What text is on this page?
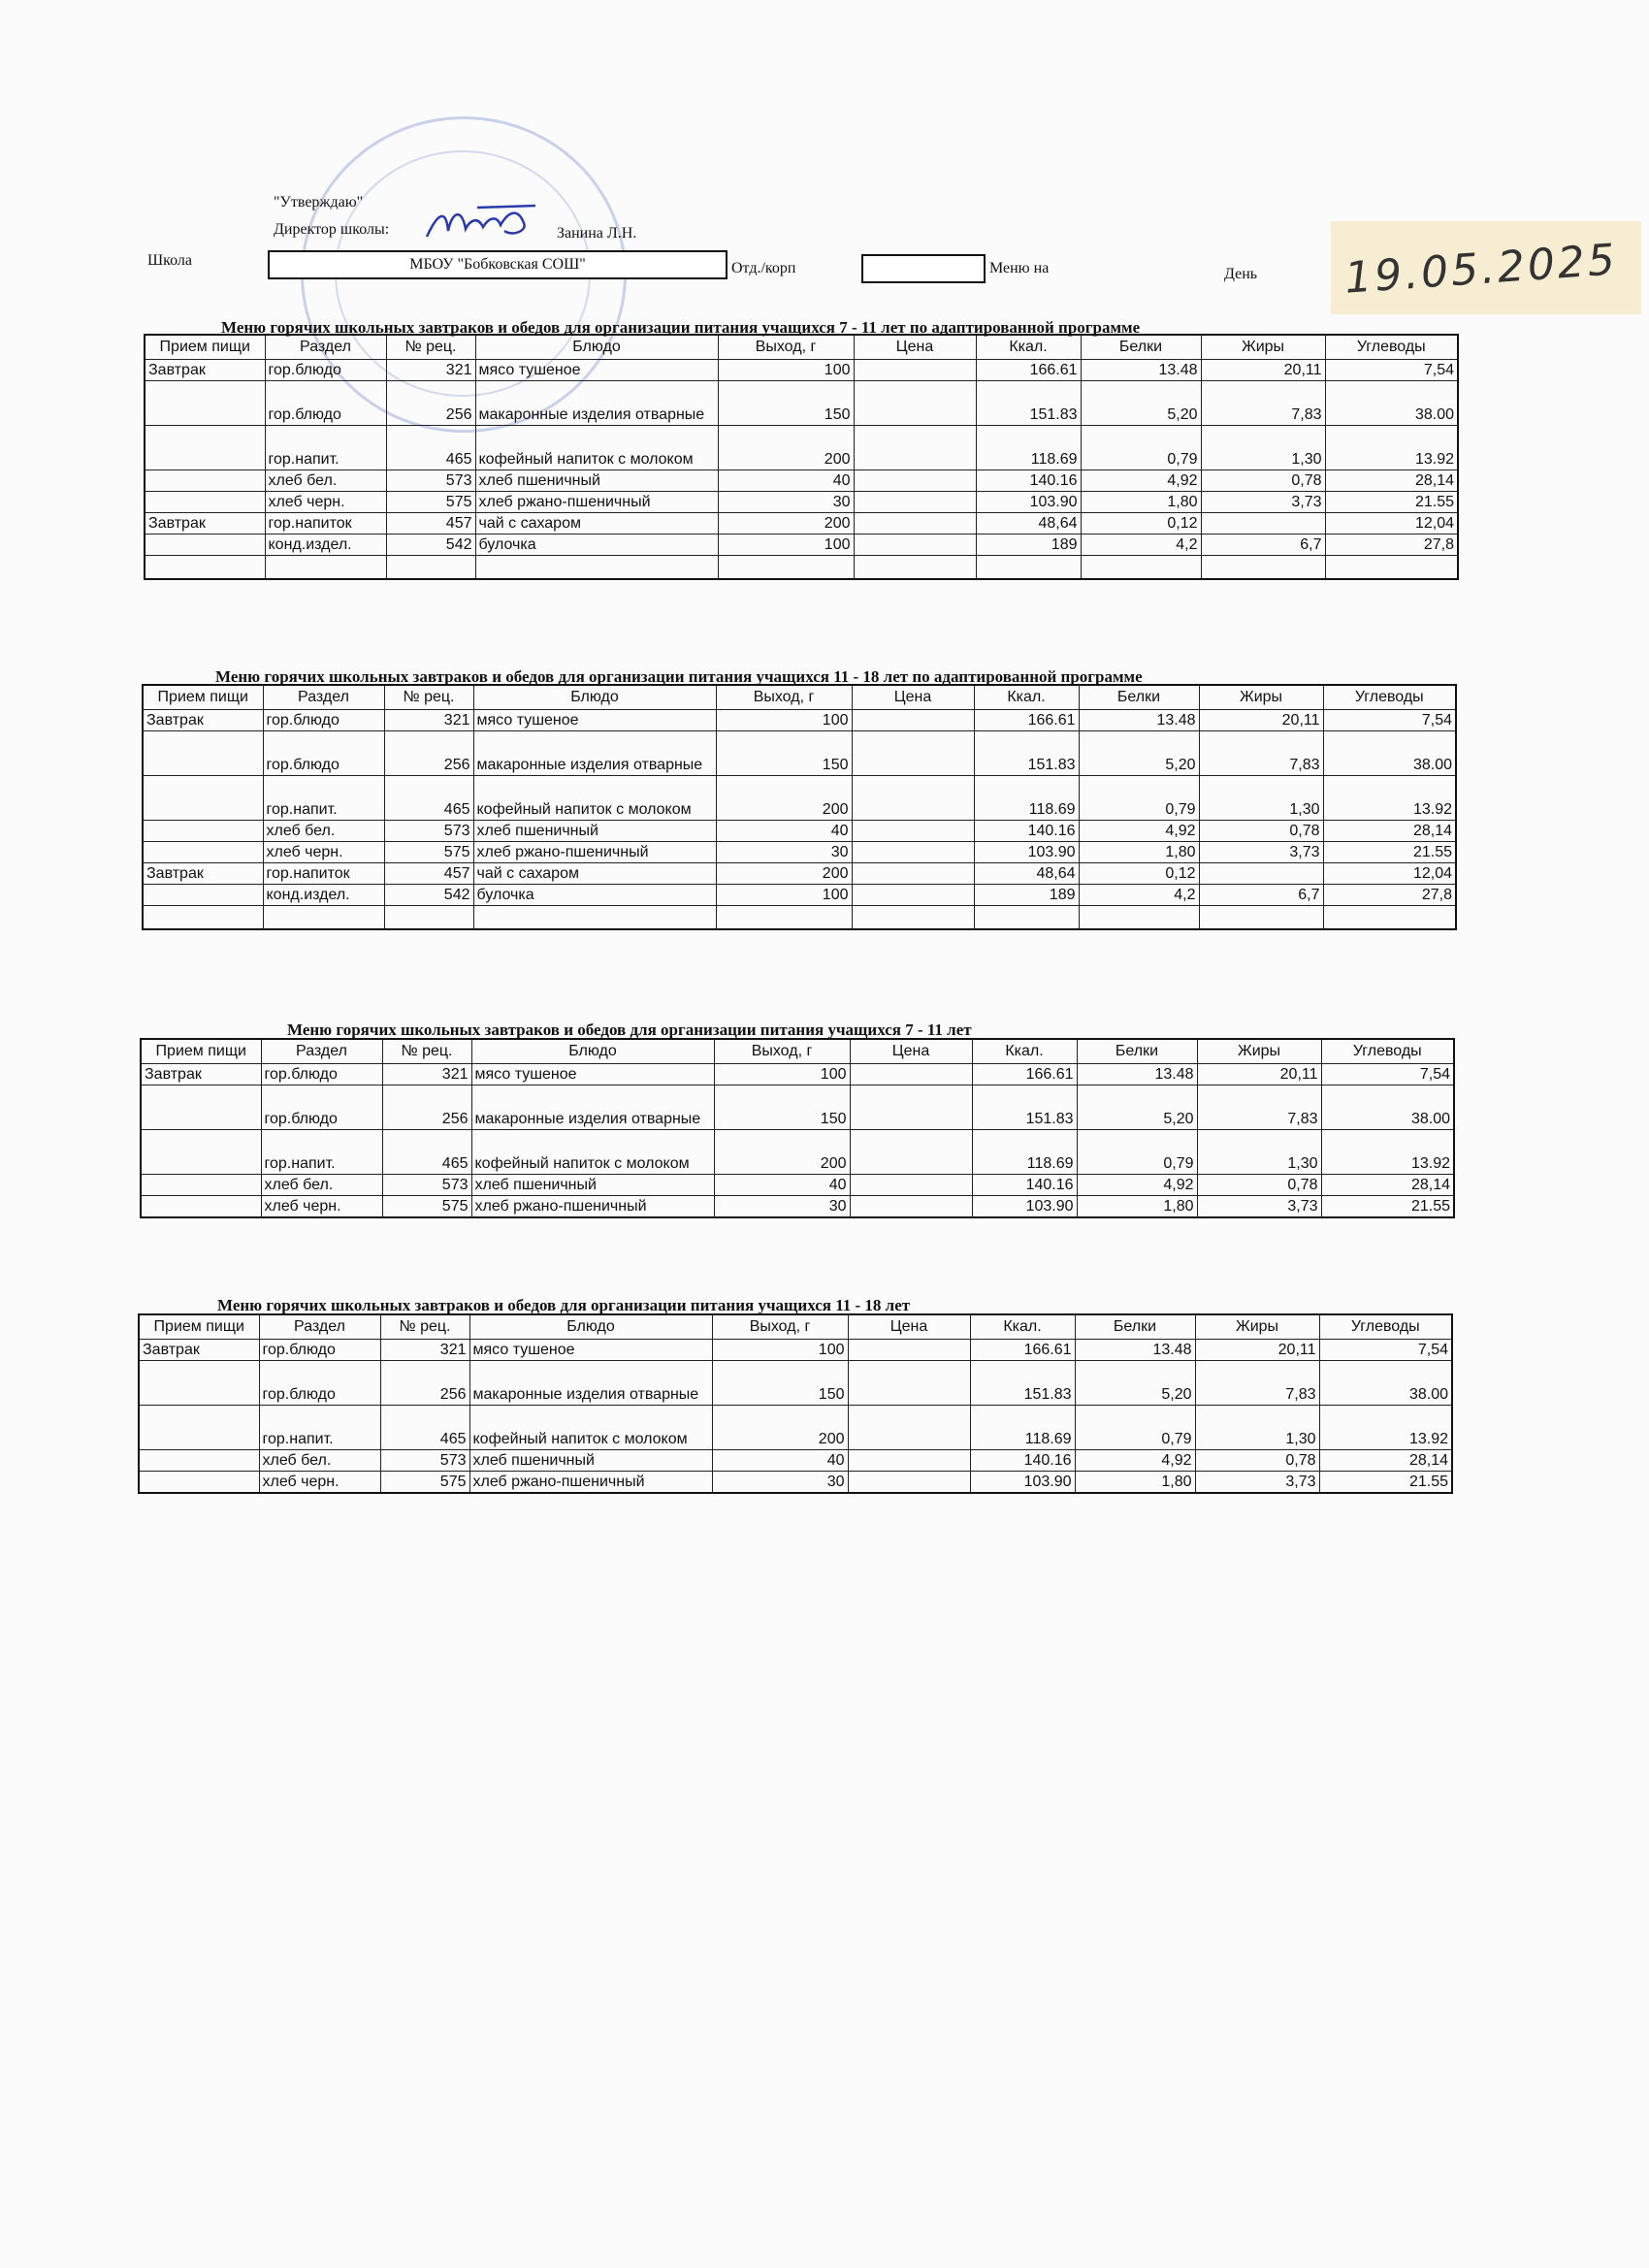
"Утверждаю"
Директор школы:	Занина Л.Н.
Школа	МБОУ "Бобковская СОШ"	Отд./корп	Меню на	День 19.05.2025
Меню горячих школьных завтраков и обедов для организации питания учащихся 7 - 11 лет по адаптированной программе
Меню горячих школьных завтраков и обедов для организации питания учащихся 11 - 18 лет по адаптированной программе
Меню горячих школьных завтраков и обедов для организации питания учащихся 7 - 11 лет
Меню горячих школьных завтраков и обедов для организации питания учащихся 11 - 18 лет
Прием пищи	Раздел	№ рец.	Блюдо	Выход, г	Цена	Ккал.	Белки	Жиры	Углеводы
Завтрак	гор.блюдо	321	мясо тушеное	100		166.61	13.48	20,11	7,54
	гор.блюдо	256	макаронные изделия отварные	150		151.83	5,20	7,83	38.00
	гор.напит.	465	кофейный напиток с молоком	200		118.69	0,79	1,30	13.92
	хлеб бел.	573	хлеб пшеничный	40		140.16	4,92	0,78	28,14
	хлеб черн.	575	хлеб ржано-пшеничный	30		103.90	1,80	3,73	21.55
Завтрак	гор.напиток	457	чай с сахаром	200		48,64	0,12		12,04
	конд.издел.	542	булочка	100		189	4,2	6,7	27,8

Прием пищи	Раздел	№ рец.	Блюдо	Выход, г	Цена	Ккал.	Белки	Жиры	Углеводы
Завтрак	гор.блюдо	321	мясо тушеное	100		166.61	13.48	20,11	7,54
	гор.блюдо	256	макаронные изделия отварные	150		151.83	5,20	7,83	38.00
	гор.напит.	465	кофейный напиток с молоком	200		118.69	0,79	1,30	13.92
	хлеб бел.	573	хлеб пшеничный	40		140.16	4,92	0,78	28,14
	хлеб черн.	575	хлеб ржано-пшеничный	30		103.90	1,80	3,73	21.55
Завтрак	гор.напиток	457	чай с сахаром	200		48,64	0,12		12,04
	конд.издел.	542	булочка	100		189	4,2	6,7	27,8

Прием пищи	Раздел	№ рец.	Блюдо	Выход, г	Цена	Ккал.	Белки	Жиры	Углеводы
Завтрак	гор.блюдо	321	мясо тушеное	100		166.61	13.48	20,11	7,54
	гор.блюдо	256	макаронные изделия отварные	150		151.83	5,20	7,83	38.00
	гор.напит.	465	кофейный напиток с молоком	200		118.69	0,79	1,30	13.92
	хлеб бел.	573	хлеб пшеничный	40		140.16	4,92	0,78	28,14
	хлеб черн.	575	хлеб ржано-пшеничный	30		103.90	1,80	3,73	21.55
Прием пищи	Раздел	№ рец.	Блюдо	Выход, г	Цена	Ккал.	Белки	Жиры	Углеводы
Завтрак	гор.блюдо	321	мясо тушеное	100		166.61	13.48	20,11	7,54
	гор.блюдо	256	макаронные изделия отварные	150		151.83	5,20	7,83	38.00
	гор.напит.	465	кофейный напиток с молоком	200		118.69	0,79	1,30	13.92
	хлеб бел.	573	хлеб пшеничный	40		140.16	4,92	0,78	28,14
	хлеб черн.	575	хлеб ржано-пшеничный	30		103.90	1,80	3,73	21.55
